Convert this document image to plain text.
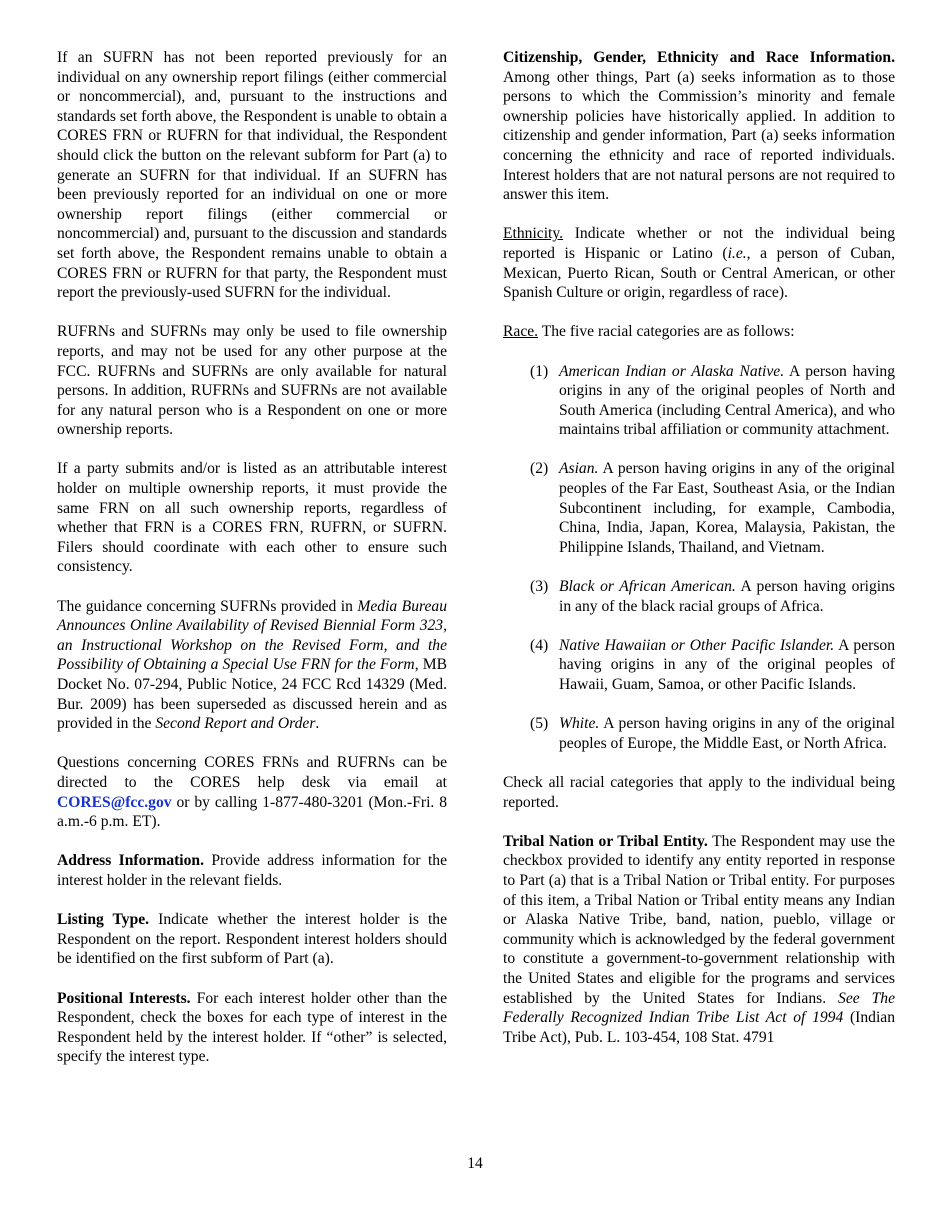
If an SUFRN has not been reported previously for an individual on any ownership report filings (either commercial or noncommercial), and, pursuant to the instructions and standards set forth above, the Respondent is unable to obtain a CORES FRN or RUFRN for that individual, the Respondent should click the button on the relevant subform for Part (a) to generate an SUFRN for that individual. If an SUFRN has been previously reported for an individual on one or more ownership report filings (either commercial or noncommercial) and, pursuant to the discussion and standards set forth above, the Respondent remains unable to obtain a CORES FRN or RUFRN for that party, the Respondent must report the previously-used SUFRN for the individual.

RUFRNs and SUFRNs may only be used to file ownership reports, and may not be used for any other purpose at the FCC. RUFRNs and SUFRNs are only available for natural persons. In addition, RUFRNs and SUFRNs are not available for any natural person who is a Respondent on one or more ownership reports.

If a party submits and/or is listed as an attributable interest holder on multiple ownership reports, it must provide the same FRN on all such ownership reports, regardless of whether that FRN is a CORES FRN, RUFRN, or SUFRN. Filers should coordinate with each other to ensure such consistency.

The guidance concerning SUFRNs provided in Media Bureau Announces Online Availability of Revised Biennial Form 323, an Instructional Workshop on the Revised Form, and the Possibility of Obtaining a Special Use FRN for the Form, MB Docket No. 07-294, Public Notice, 24 FCC Rcd 14329 (Med. Bur. 2009) has been superseded as discussed herein and as provided in the Second Report and Order.

Questions concerning CORES FRNs and RUFRNs can be directed to the CORES help desk via email at CORES@fcc.gov or by calling 1-877-480-3201 (Mon.-Fri. 8 a.m.-6 p.m. ET).

Address Information. Provide address information for the interest holder in the relevant fields.

Listing Type. Indicate whether the interest holder is the Respondent on the report. Respondent interest holders should be identified on the first subform of Part (a).

Positional Interests. For each interest holder other than the Respondent, check the boxes for each type of interest in the Respondent held by the interest holder. If “other” is selected, specify the interest type.

Citizenship, Gender, Ethnicity and Race Information. Among other things, Part (a) seeks information as to those persons to which the Commission’s minority and female ownership policies have historically applied. In addition to citizenship and gender information, Part (a) seeks information concerning the ethnicity and race of reported individuals. Interest holders that are not natural persons are not required to answer this item.

Ethnicity. Indicate whether or not the individual being reported is Hispanic or Latino (i.e., a person of Cuban, Mexican, Puerto Rican, South or Central American, or other Spanish Culture or origin, regardless of race).

Race. The five racial categories are as follows:

(1) American Indian or Alaska Native. A person having origins in any of the original peoples of North and South America (including Central America), and who maintains tribal affiliation or community attachment.
(2) Asian. A person having origins in any of the original peoples of the Far East, Southeast Asia, or the Indian Subcontinent including, for example, Cambodia, China, India, Japan, Korea, Malaysia, Pakistan, the Philippine Islands, Thailand, and Vietnam.
(3) Black or African American. A person having origins in any of the black racial groups of Africa.
(4) Native Hawaiian or Other Pacific Islander. A person having origins in any of the original peoples of Hawaii, Guam, Samoa, or other Pacific Islands.
(5) White. A person having origins in any of the original peoples of Europe, the Middle East, or North Africa.

Check all racial categories that apply to the individual being reported.

Tribal Nation or Tribal Entity. The Respondent may use the checkbox provided to identify any entity reported in response to Part (a) that is a Tribal Nation or Tribal entity. For purposes of this item, a Tribal Nation or Tribal entity means any Indian or Alaska Native Tribe, band, nation, pueblo, village or community which is acknowledged by the federal government to constitute a government-to-government relationship with the United States and eligible for the programs and services established by the United States for Indians. See The Federally Recognized Indian Tribe List Act of 1994 (Indian Tribe Act), Pub. L. 103-454, 108 Stat. 4791

14
